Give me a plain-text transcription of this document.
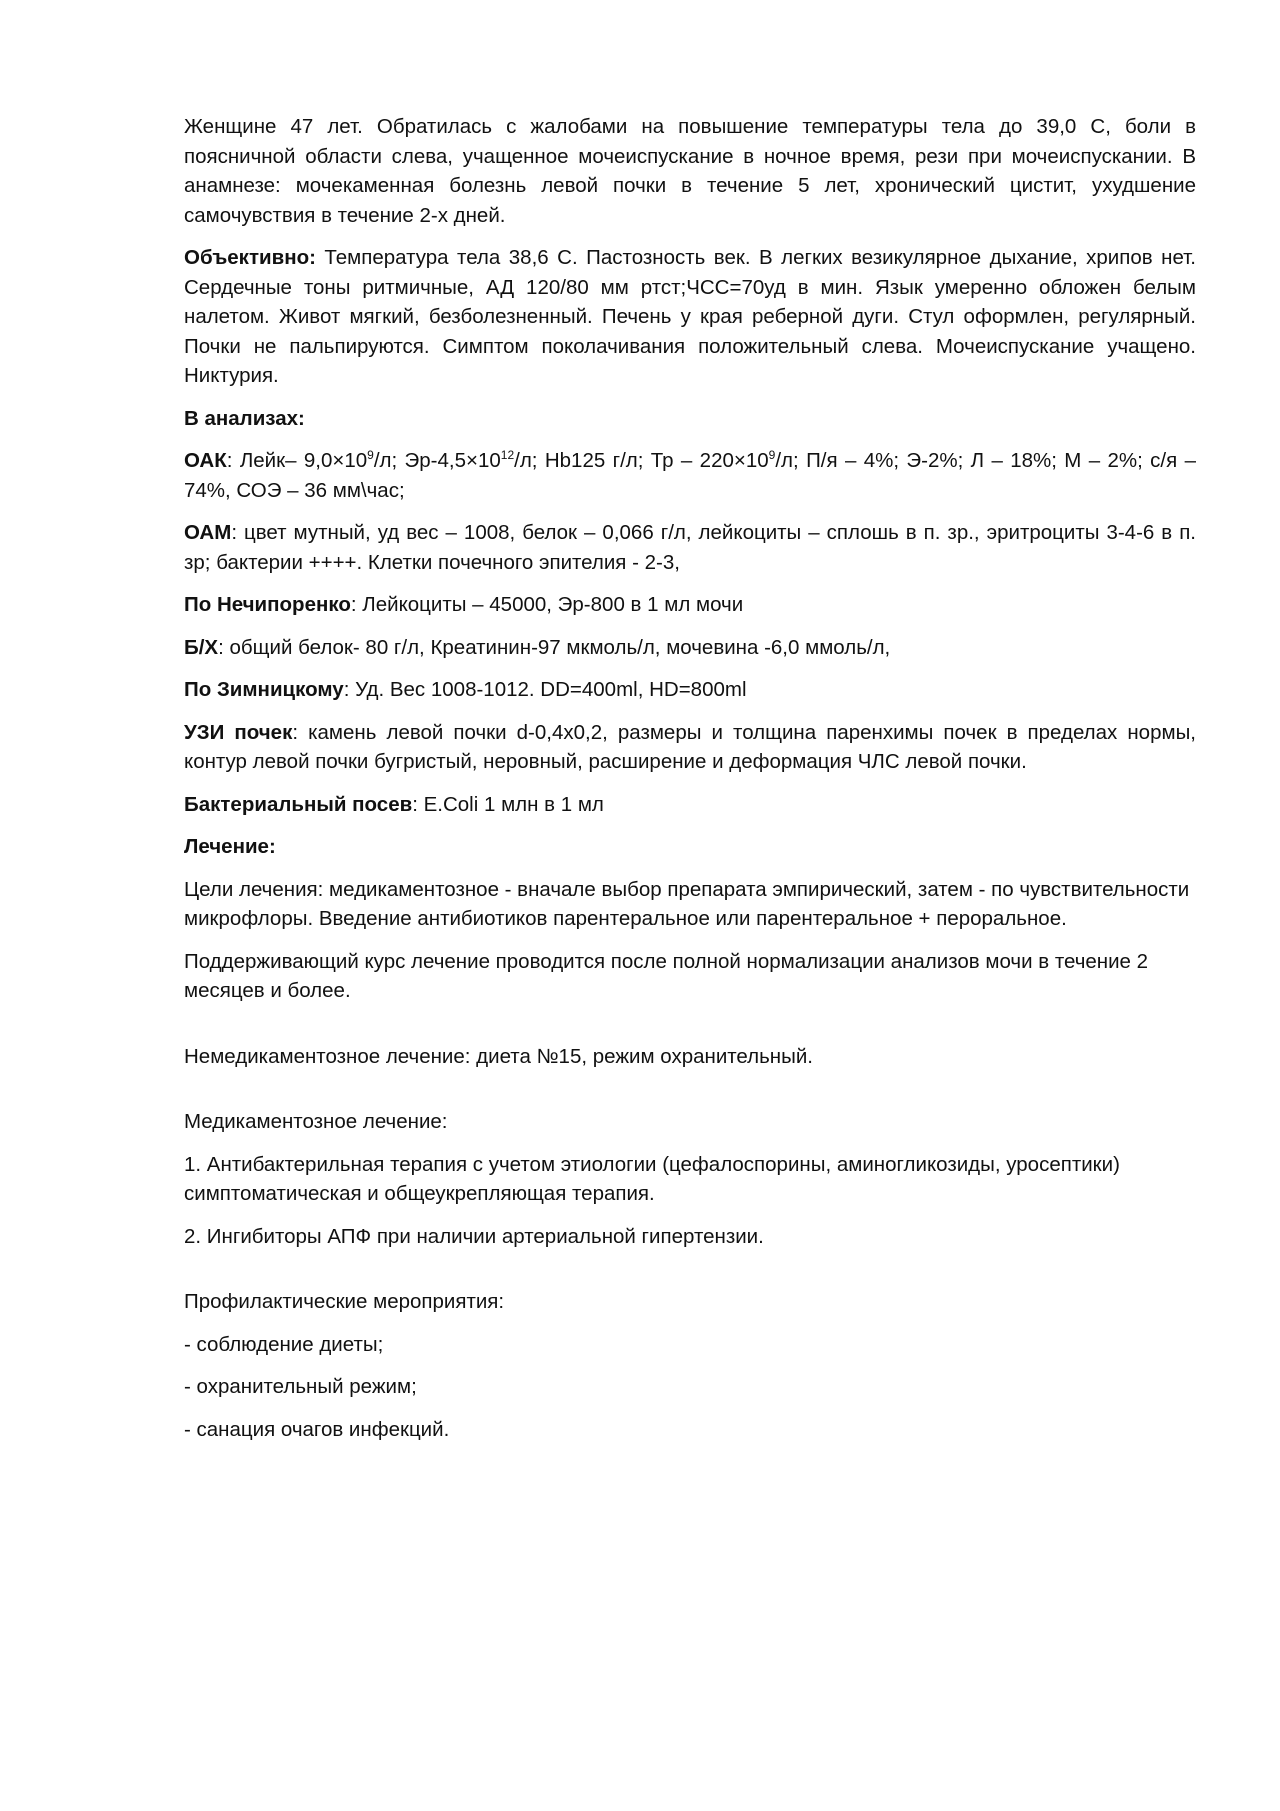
Женщине 47 лет. Обратилась с жалобами на повышение температуры тела до 39,0 С, боли в поясничной области слева, учащенное мочеиспускание в ночное время, рези при мочеиспускании. В анамнезе: мочекаменная болезнь левой почки в течение 5 лет, хронический цистит, ухудшение самочувствия в течение 2-х дней.

Объективно: Температура тела 38,6 С. Пастозность век. В легких везикулярное дыхание, хрипов нет. Сердечные тоны ритмичные, АД 120/80 мм ртст;ЧСС=70уд в мин. Язык умеренно обложен белым налетом. Живот мягкий, безболезненный. Печень у края реберной дуги. Стул оформлен, регулярный. Почки не пальпируются. Симптом поколачивания положительный слева. Мочеиспускание учащено. Никтурия.

В анализах:

ОАК: Лейк– $9,0\times 10^9/л$; $Эр-4,5\times 10^{12}/л$; Hb125 г/л; Тр – $220\times 10^9/л$; П/я – 4%; Э-2%; Л – 18%; М – 2%; с/я – 74%, СОЭ – 36 мм\час;

ОАМ: цвет мутный, уд вес – 1008, белок – 0,066 г/л, лейкоциты – сплошь в п. зр., эритроциты 3-4-6 в п. зр; бактерии ++++. Клетки почечного эпителия - 2-3,

По Нечипоренко: Лейкоциты – 45000, Эр-800 в 1 мл мочи

Б/Х: общий белок- 80 г/л, Креатинин-97 мкмоль/л, мочевина -6,0 ммоль/л,

По Зимницкому: Уд. Вес 1008-1012. DD=400ml, HD=800ml

УЗИ почек: камень левой почки d-0,4x0,2, размеры и толщина паренхимы почек в пределах нормы, контур левой почки бугристый, неровный, расширение и деформация ЧЛС левой почки.

Бактериальный посев: E.Coli 1 млн в 1 мл

Лечение:

Цели лечения: медикаментозное - вначале выбор препарата эмпирический, затем - по чувствительности микрофлоры. Введение антибиотиков парентеральное или парентеральное + пероральное.

Поддерживающий курс лечение проводится после полной нормализации анализов мочи в течение 2 месяцев и более.

Немедикаментозное лечение: диета №15, режим охранительный.

Медикаментозное лечение:

1. Антибактерильная терапия с учетом этиологии (цефалоспорины, аминогликозиды, уросептики) симптоматическая и общеукрепляющая терапия.

2. Ингибиторы АПФ при наличии артериальной гипертензии.

Профилактические мероприятия:

- соблюдение диеты;

- охранительный режим;

- санация очагов инфекций.
